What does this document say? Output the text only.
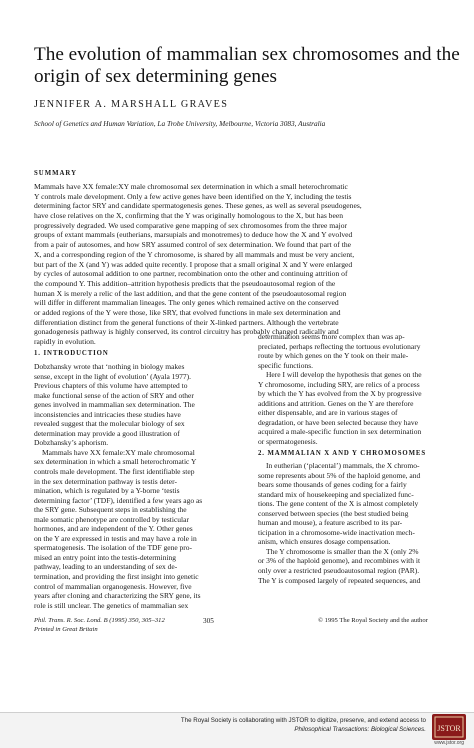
The evolution of mammalian sex chromosomes and the
origin of sex determining genes
JENNIFER A. MARSHALL GRAVES
School of Genetics and Human Variation, La Trobe University, Melbourne, Victoria 3083, Australia
SUMMARY
Mammals have XX female:XY male chromosomal sex determination in which a small heterochromatic
Y controls male development. Only a few active genes have been identified on the Y, including the testis
determining factor SRY and candidate spermatogenesis genes. These genes, as well as several pseudogenes,
have close relatives on the X, confirming that the Y was originally homologous to the X, but has been
progressively degraded. We used comparative gene mapping of sex chromosomes from the three major
groups of extant mammals (eutherians, marsupials and monotremes) to deduce how the X and Y evolved
from a pair of autosomes, and how SRY assumed control of sex determination. We found that part of the
X, and a corresponding region of the Y chromosome, is shared by all mammals and must be very ancient,
but part of the X (and Y) was added quite recently. I propose that a small original X and Y were enlarged
by cycles of autosomal addition to one partner, recombination onto the other and continuing attrition of
the compound Y. This addition–attrition hypothesis predicts that the pseudoautosomal region of the
human X is merely a relic of the last addition, and that the gene content of the pseudoautosomal region
will differ in different mammalian lineages. The only genes which remained active on the conserved
or added regions of the Y were those, like SRY, that evolved functions in male sex determination and
differentiation distinct from the general functions of their X-linked partners. Although the vertebrate
gonadogenesis pathway is highly conserved, its control circuitry has probably changed radically and
rapidly in evolution.
1. INTRODUCTION
Dobzhansky wrote that ‘nothing in biology makes
sense, except in the light of evolution’ (Ayala 1977).
Previous chapters of this volume have attempted to
make functional sense of the action of SRY and other
genes involved in mammalian sex determination. The
inconsistencies and intricacies these studies have
revealed suggest that the molecular biology of sex
determination may provide a good illustration of
Dobzhansky’s aphorism.
Mammals have XX female:XY male chromosomal
sex determination in which a small heterochromatic Y
controls male development. The first identifiable step
in the sex determination pathway is testis deter-
mination, which is regulated by a Y-borne ‘testis
determining factor’ (TDF), identified a few years ago as
the SRY gene. Subsequent steps in establishing the
male somatic phenotype are controlled by testicular
hormones, and are independent of the Y. Other genes
on the Y are expressed in testis and may have a role in
spermatogenesis. The isolation of the TDF gene pro-
mised an entry point into the testis-determining
pathway, leading to an understanding of sex de-
termination, and providing the first insight into genetic
control of mammalian organogenesis. However, five
years after cloning and characterizing the SRY gene, its
role is still unclear. The genetics of mammalian sex
determination seems more complex than was ap-
preciated, perhaps reflecting the tortuous evolutionary
route by which genes on the Y took on their male-
specific functions.
Here I will develop the hypothesis that genes on the
Y chromosome, including SRY, are relics of a process
by which the Y has evolved from the X by progressive
additions and attrition. Genes on the Y are therefore
either dispensable, and are in various stages of
degradation, or have been selected because they have
acquired a male-specific function in sex determination
or spermatogenesis.
2. MAMMALIAN X AND Y CHROMOSOMES
In eutherian (‘placental’) mammals, the X chromo-
some represents about 5% of the haploid genome, and
bears some thousands of genes coding for a fairly
standard mix of housekeeping and specialized func-
tions. The gene content of the X is almost completely
conserved between species (the best studied being
human and mouse), a feature ascribed to its par-
ticipation in a chromosome-wide inactivation mech-
anism, which ensures dosage compensation.
The Y chromosome is smaller than the X (only 2%
or 3% of the haploid genome), and recombines with it
only over a restricted pseudoautosomal region (PAR).
The Y is composed largely of repeated sequences, and
Phil. Trans. R. Soc. Lond. B (1995) 350, 305–312
Printed in Great Britain
305	© 1995 The Royal Society and the author
The Royal Society is collaborating with JSTOR to digitize, preserve, and extend access to
Philosophical Transactions: Biological Sciences. JSTOR
www.jstor.org
